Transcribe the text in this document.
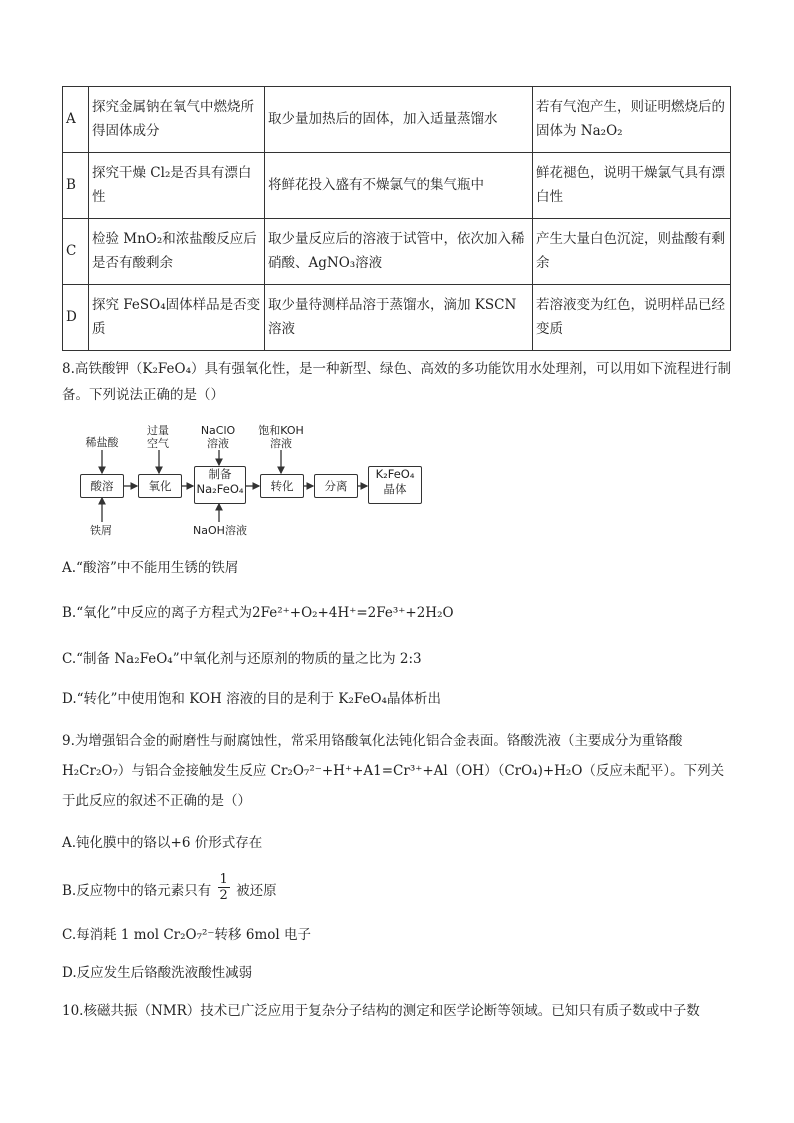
A	探究金属钠在氧气中燃烧所得固体成分	取少量加热后的固体，加入适量蒸馏水	若有气泡产生，则证明燃烧后的固体为 Na₂O₂
B	探究干燥 Cl₂是否具有漂白性	将鲜花投入盛有不燥氯气的集气瓶中	鲜花褪色，说明干燥氯气具有漂白性
C	检验 MnO₂和浓盐酸反应后是否有酸剩余	取少量反应后的溶液于试管中，依次加入稀硝酸、AgNO₃溶液	产生大量白色沉淀，则盐酸有剩余
D	探究 FeSO₄固体样品是否变质	取少量待测样品溶于蒸馏水，滴加 KSCN 溶液	若溶液变为红色，说明样品已经变质
8.高铁酸钾（K₂FeO₄）具有强氧化性，是一种新型、绿色、高效的多功能饮用水处理剂，可以用如下流程进行制备。下列说法正确的是（）
稀盐酸
过量
空气
NaClO
溶液
饱和KOH
溶液
酸溶	氧化
制备
Na₂FeO₄	转化	分离
K₂FeO₄
晶体
铁屑	NaOH溶液
A.“酸溶”中不能用生锈的铁屑
B.“氧化”中反应的离子方程式为2Fe²⁺+O₂+4H⁺=2Fe³⁺+2H₂O
C.“制备 Na₂FeO₄”中氧化剂与还原剂的物质的量之比为 2:3
D.“转化”中使用饱和 KOH 溶液的目的是利于 K₂FeO₄晶体析出
9.为增强铝合金的耐磨性与耐腐蚀性，常采用铬酸氧化法钝化铝合金表面。铬酸洗液（主要成分为重铬酸H₂Cr₂O₇）与铝合金接触发生反应 Cr₂O₇²⁻+H⁺+A1=Cr³⁺+Al（OH）（CrO₄)+H₂O（反应未配平）。下列关于此反应的叙述不正确的是（）
A.钝化膜中的铬以+6 价形式存在
B.反应物中的铬元素只有 $\frac{1}{2}$ 被还原
C.每消耗 1 mol Cr₂O₇²⁻转移 6mol 电子
D.反应发生后铬酸洗液酸性减弱
10.核磁共振（NMR）技术已广泛应用于复杂分子结构的测定和医学论断等领域。已知只有质子数或中子数
